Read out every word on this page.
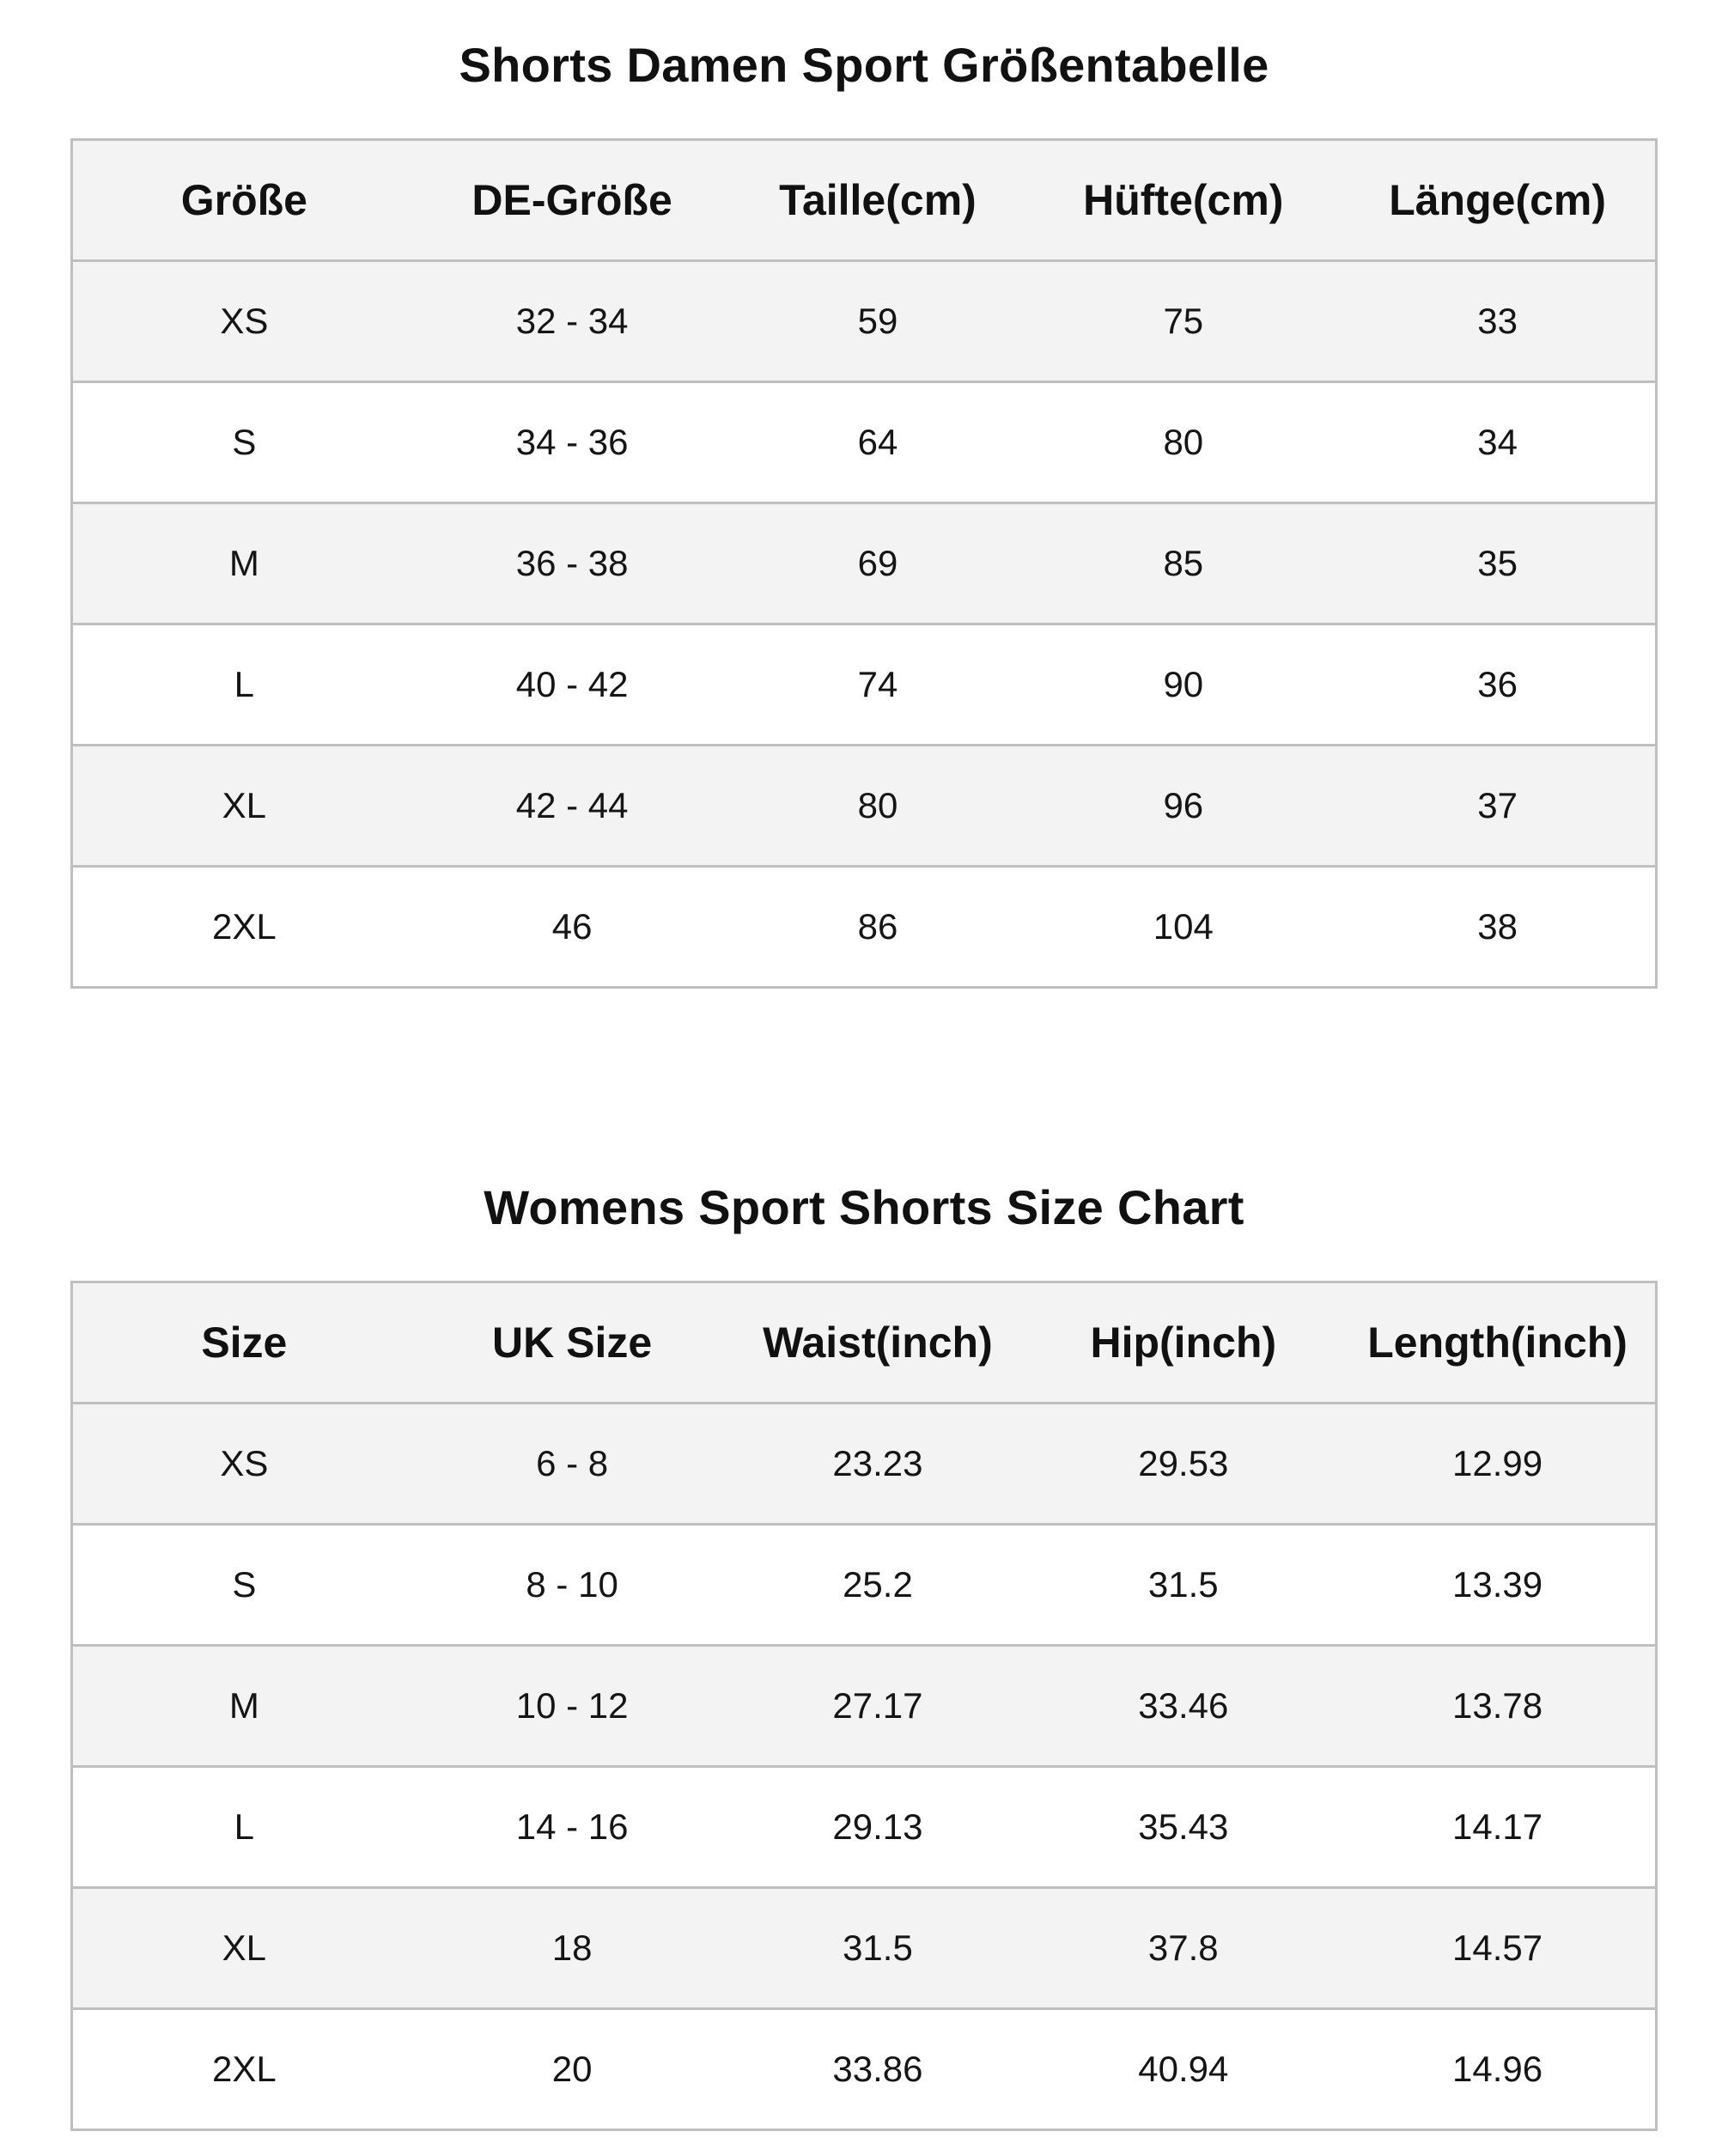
Shorts Damen Sport Größentabelle
Größe	DE-Größe	Taille(cm)	Hüfte(cm)	Länge(cm)
XS	32 - 34	59	75	33
S	34 - 36	64	80	34
M	36 - 38	69	85	35
L	40 - 42	74	90	36
XL	42 - 44	80	96	37
2XL	46	86	104	38
Womens Sport Shorts Size Chart
Size	UK Size	Waist(inch)	Hip(inch)	Length(inch)
XS	6 - 8	23.23	29.53	12.99
S	8 - 10	25.2	31.5	13.39
M	10 - 12	27.17	33.46	13.78
L	14 - 16	29.13	35.43	14.17
XL	18	31.5	37.8	14.57
2XL	20	33.86	40.94	14.96
